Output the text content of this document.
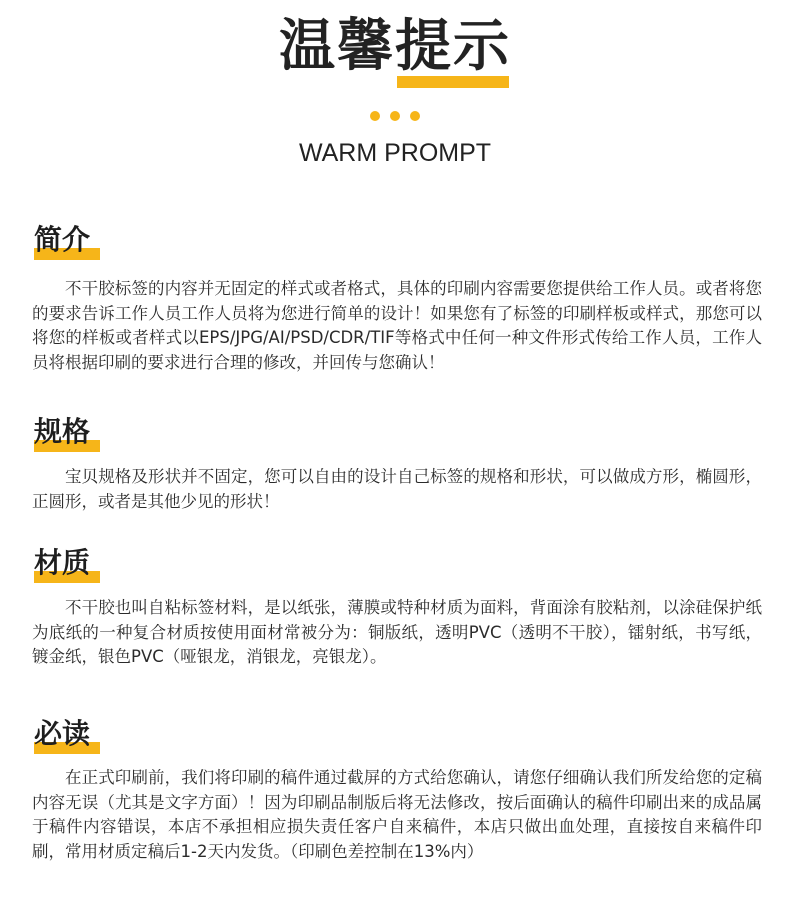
温馨提示
WARM PROMPT
简介

不干胶标签的内容并无固定的样式或者格式，具体的印刷内容需要您提供给工作人员。或者将您的要求告诉工作人员工作人员将为您进行简单的设计！如果您有了标签的印刷样板或样式，那您可以将您的样板或者样式以EPS/JPG/AI/PSD/CDR/TIF等格式中任何一种文件形式传给工作人员，工作人员将根据印刷的要求进行合理的修改，并回传与您确认！

规格

宝贝规格及形状并不固定，您可以自由的设计自己标签的规格和形状，可以做成方形，椭圆形，正圆形，或者是其他少见的形状！

材质

不干胶也叫自粘标签材料，是以纸张，薄膜或特种材质为面料，背面涂有胶粘剂，以涂硅保护纸为底纸的一种复合材质按使用面材常被分为：铜版纸，透明PVC（透明不干胶），镭射纸，书写纸，镀金纸，银色PVC（哑银龙，消银龙，亮银龙）。

必读

在正式印刷前，我们将印刷的稿件通过截屏的方式给您确认，请您仔细确认我们所发给您的定稿内容无误（尤其是文字方面）！因为印刷品制版后将无法修改，按后面确认的稿件印刷出来的成品属于稿件内容错误，本店不承担相应损失责任客户自来稿件，本店只做出血处理，直接按自来稿件印刷，常用材质定稿后1-2天内发货。（印刷色差控制在13%内）
